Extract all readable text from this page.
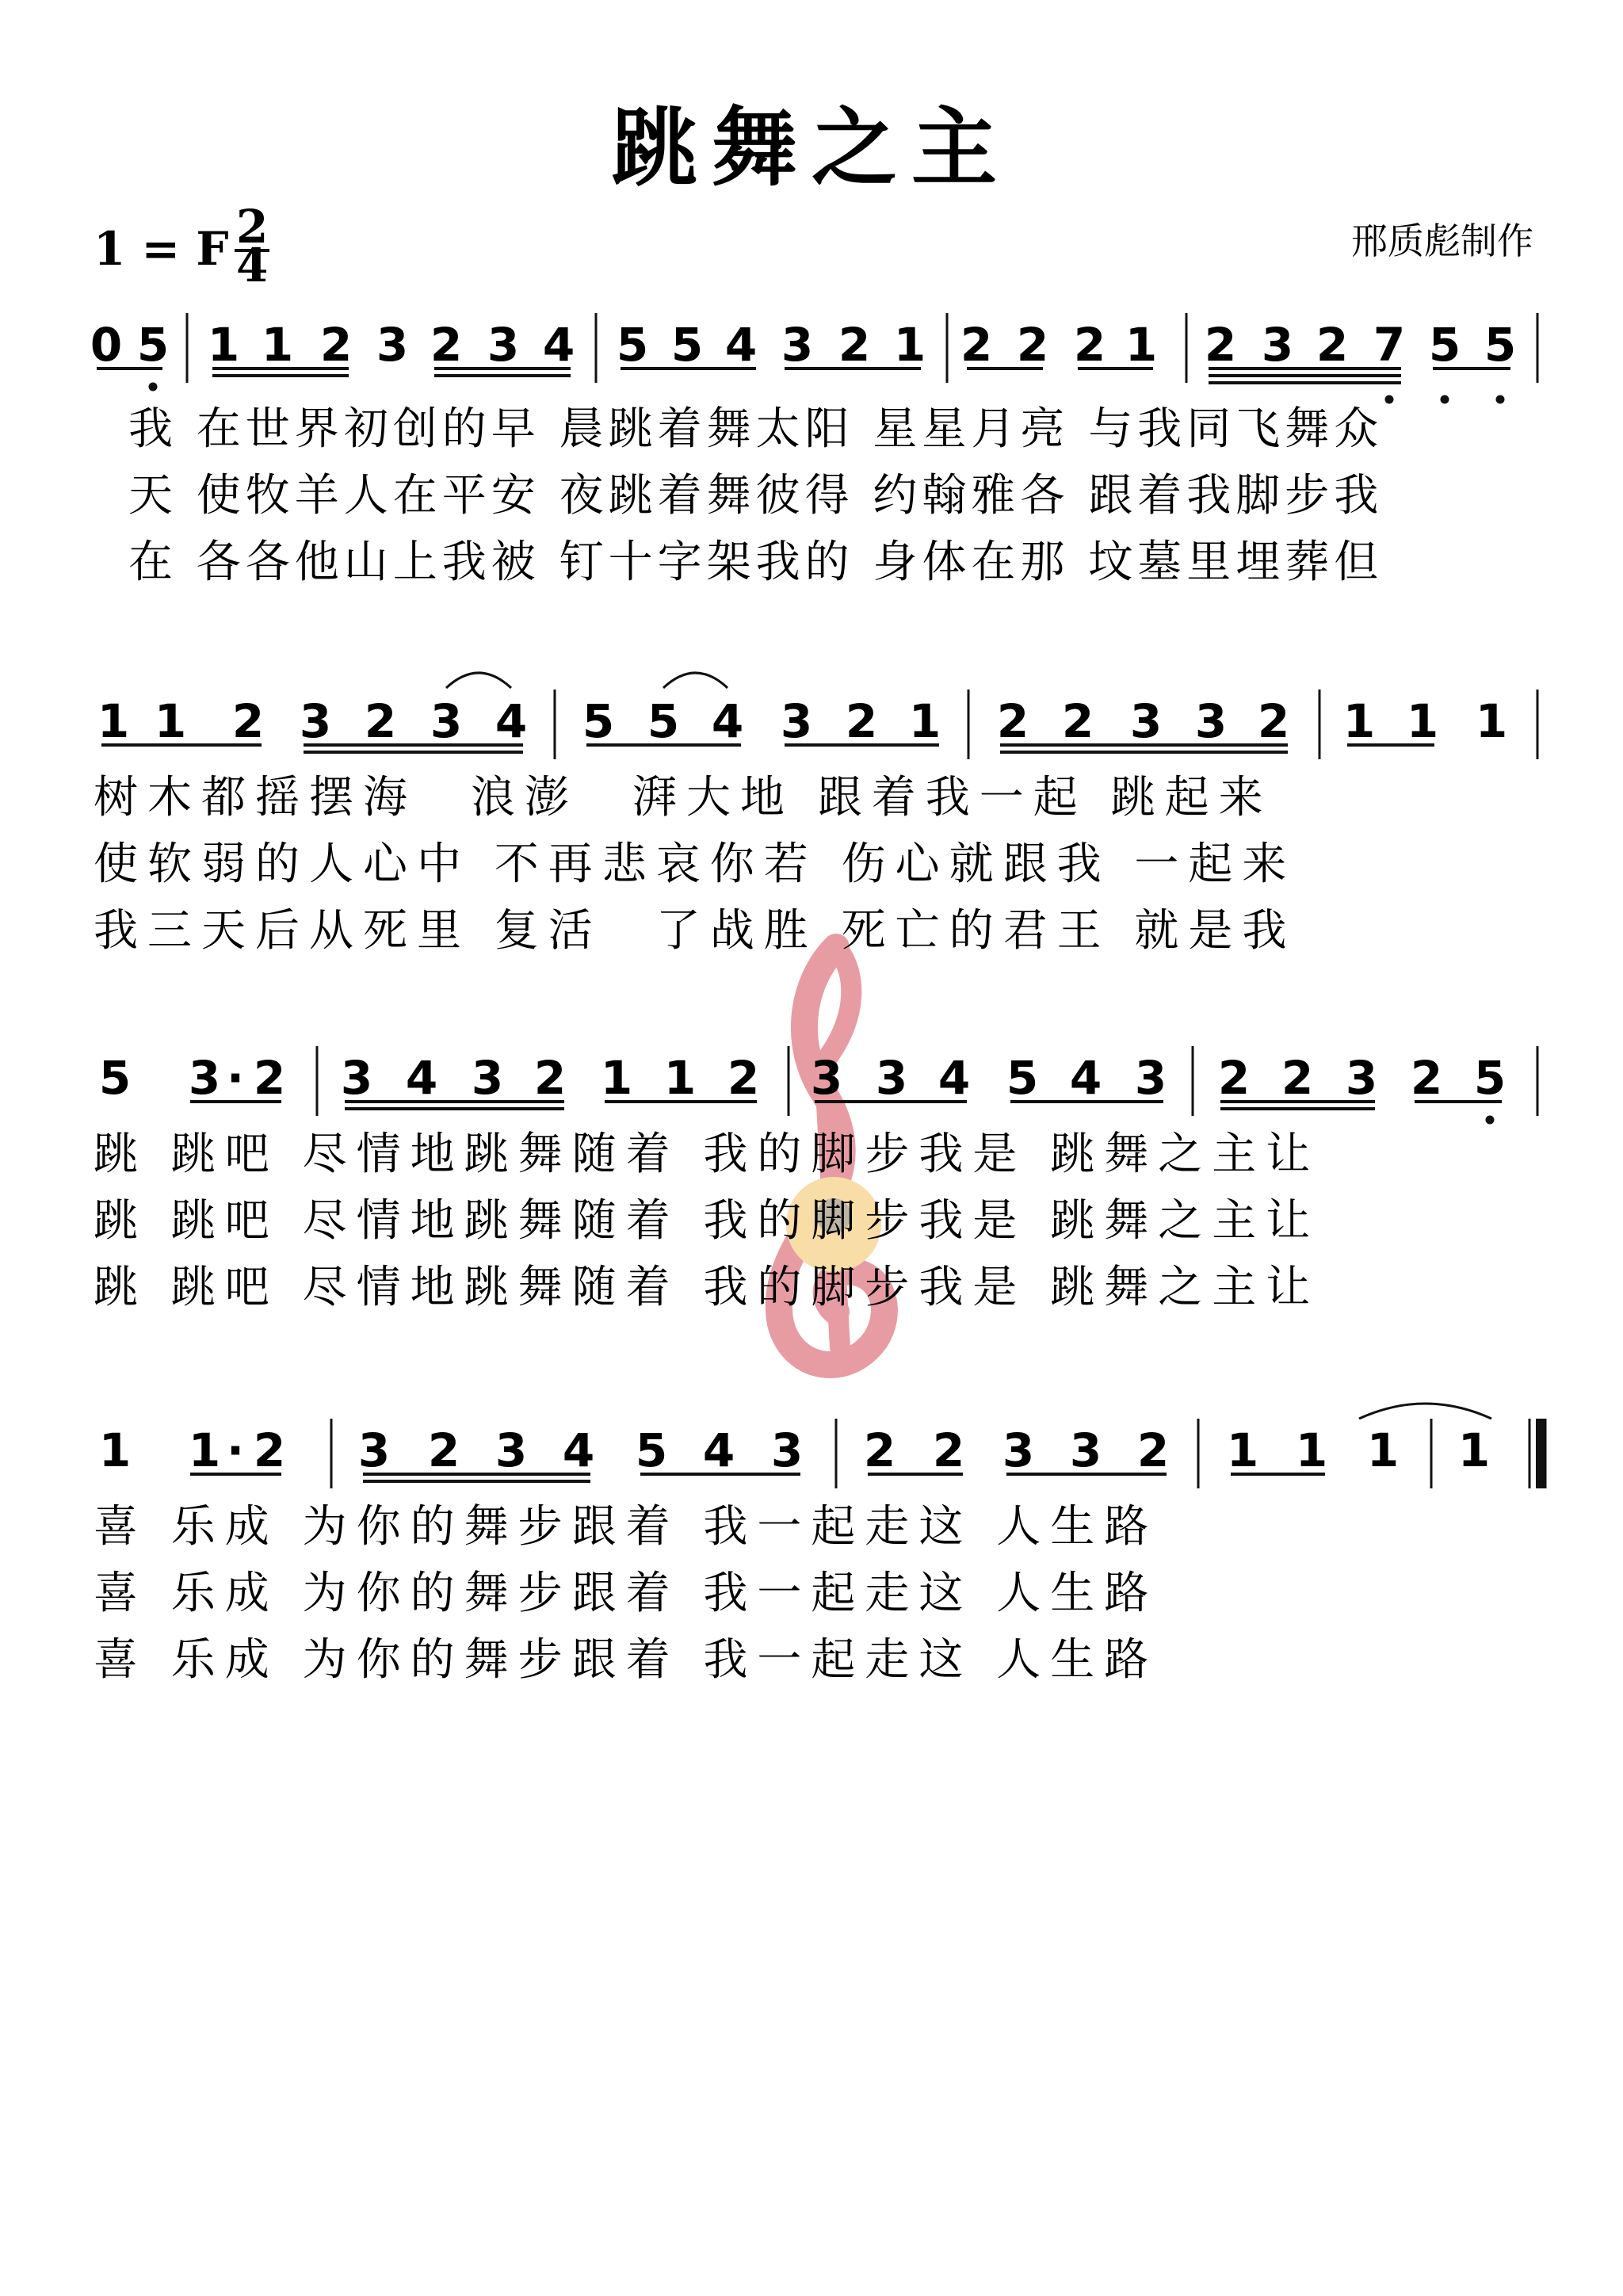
跳舞之主
1 = F 2
4	邢质彪制作
0 5 1 1 2 3 2 3 4 5 5 4 3 2 1 2 2 2 1 2 3 2 7 5 5
我 在世界初创的早 晨跳着舞太阳 星星月亮 与我同飞舞众
天 使牧羊人在平安 夜跳着舞彼得 约翰雅各 跟着我脚步我
在 各各他山上我被 钉十字架我的 身体在那 坟墓里埋葬但
1 1 2 3 2 3 4 5 5 4 3 2 1 2 2 3 3 2 1 1 1
树木都摇摆海　浪澎　湃大地 跟着我一起 跳起来
使软弱的人心中 不再悲哀你若 伤心就跟我 一起来
我三天后从死里 复活　了战胜 死亡的君王 就是我
5 3 · 2 3 4 3 2 1 1 2 3 3 4 5 4 3 2 2 3 2 5
跳 跳吧 尽情地跳舞随着 我的脚步我是 跳舞之主让
跳 跳吧 尽情地跳舞随着 我的脚步我是 跳舞之主让
跳 跳吧 尽情地跳舞随着 我的脚步我是 跳舞之主让
1 1 · 2 3 2 3 4 5 4 3 2 2 3 3 2 1 1 1 1
喜 乐成 为你的舞步跟着 我一起走这 人生路
喜 乐成 为你的舞步跟着 我一起走这 人生路
喜 乐成 为你的舞步跟着 我一起走这 人生路
